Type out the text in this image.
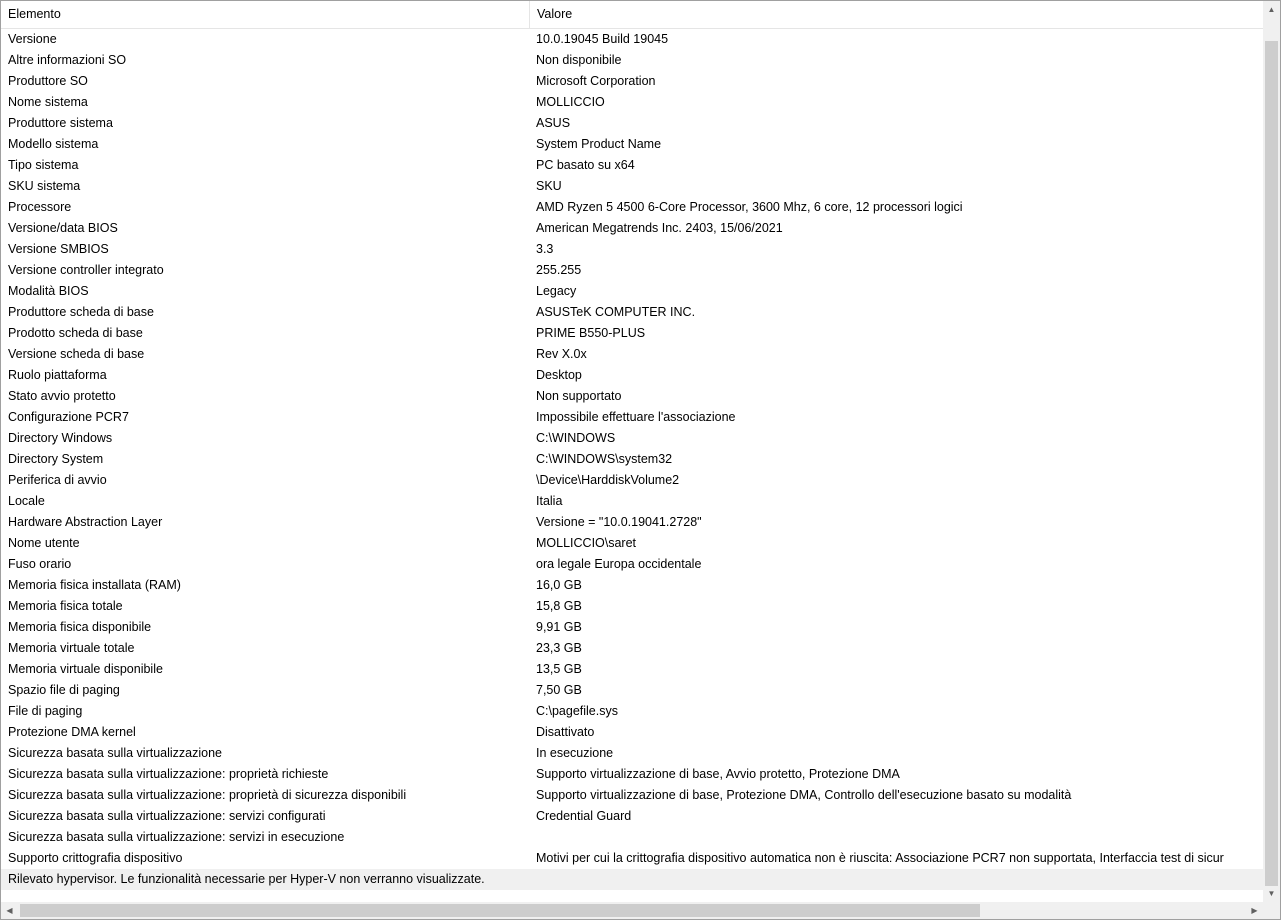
Elemento	Valore
Versione	10.0.19045 Build 19045
Altre informazioni SO	Non disponibile
Produttore SO	Microsoft Corporation
Nome sistema	MOLLICCIO
Produttore sistema	ASUS
Modello sistema	System Product Name
Tipo sistema	PC basato su x64
SKU sistema	SKU
Processore	AMD Ryzen 5 4500 6-Core Processor, 3600 Mhz, 6 core, 12 processori logici
Versione/data BIOS	American Megatrends Inc. 2403, 15/06/2021
Versione SMBIOS	3.3
Versione controller integrato	255.255
Modalità BIOS	Legacy
Produttore scheda di base	ASUSTeK COMPUTER INC.
Prodotto scheda di base	PRIME B550-PLUS
Versione scheda di base	Rev X.0x
Ruolo piattaforma	Desktop
Stato avvio protetto	Non supportato
Configurazione PCR7	Impossibile effettuare l'associazione
Directory Windows	C:\WINDOWS
Directory System	C:\WINDOWS\system32
Periferica di avvio	\Device\HarddiskVolume2
Locale	Italia
Hardware Abstraction Layer	Versione = "10.0.19041.2728"
Nome utente	MOLLICCIO\saret
Fuso orario	ora legale Europa occidentale
Memoria fisica installata (RAM)	16,0 GB
Memoria fisica totale	15,8 GB
Memoria fisica disponibile	9,91 GB
Memoria virtuale totale	23,3 GB
Memoria virtuale disponibile	13,5 GB
Spazio file di paging	7,50 GB
File di paging	C:\pagefile.sys
Protezione DMA kernel	Disattivato
Sicurezza basata sulla virtualizzazione	In esecuzione
Sicurezza basata sulla virtualizzazione: proprietà richieste	Supporto virtualizzazione di base, Avvio protetto, Protezione DMA
Sicurezza basata sulla virtualizzazione: proprietà di sicurezza disponibili	Supporto virtualizzazione di base, Protezione DMA, Controllo dell'esecuzione basato su modalità
Sicurezza basata sulla virtualizzazione: servizi configurati	Credential Guard
Sicurezza basata sulla virtualizzazione: servizi in esecuzione
Supporto crittografia dispositivo	Motivi per cui la crittografia dispositivo automatica non è riuscita: Associazione PCR7 non supportata, Interfaccia test di sicur
Rilevato hypervisor. Le funzionalità necessarie per Hyper-V non verranno visualizzate.
▲
▼
◀	▶
